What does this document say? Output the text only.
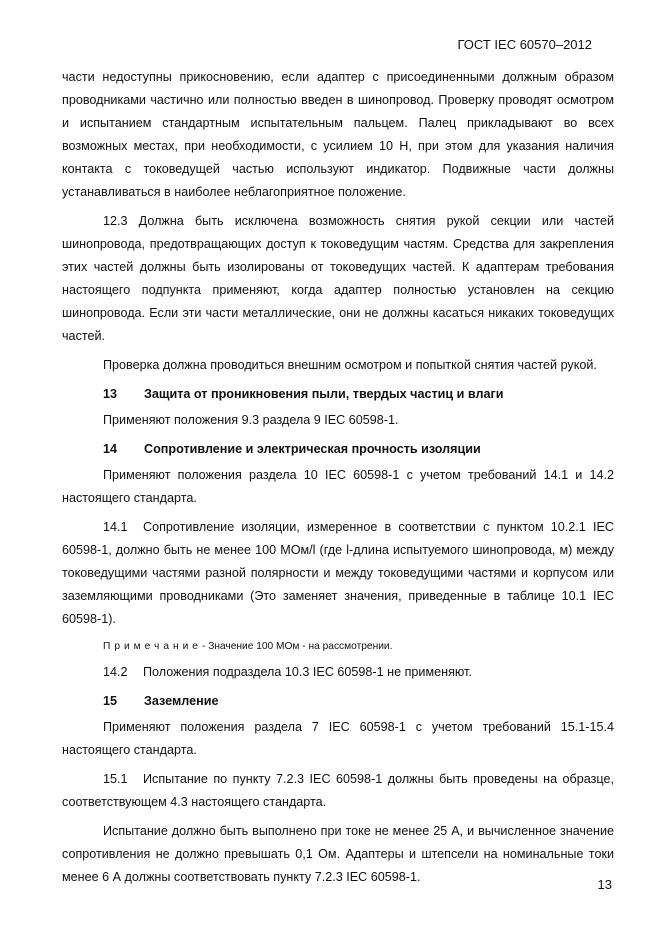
ГОСТ IEC 60570–2012

части недоступны прикосновению, если адаптер с присоединенными должным образом проводниками частично или полностью введен в шинопровод. Проверку проводят осмотром и испытанием стандартным испытательным пальцем. Палец прикладывают во всех возможных местах, при необходимости, с усилием 10 Н, при этом для указания наличия контакта с токоведущей частью используют индикатор. Подвижные части должны устанавливаться в наиболее неблагоприятное положение.

12.3 Должна быть исключена возможность снятия рукой секции или частей шинопровода, предотвращающих доступ к токоведущим частям. Средства для закрепления этих частей должны быть изолированы от токоведущих частей. К адаптерам требования настоящего подпункта применяют, когда адаптер полностью установлен на секцию шинопровода. Если эти части металлические, они не должны касаться никаких токоведущих частей.

Проверка должна проводиться внешним осмотром и попыткой снятия частей рукой.

13 Защита от проникновения пыли, твердых частиц и влаги

Применяют положения 9.3 раздела 9 IEC 60598-1.

14 Сопротивление и электрическая прочность изоляции

Применяют положения раздела 10 IEC 60598-1 с учетом требований 14.1 и 14.2 настоящего стандарта.

14.1 Сопротивление изоляции, измеренное в соответствии с пунктом 10.2.1 IEC 60598-1, должно быть не менее 100 МОм/l (где l-длина испытуемого шинопровода, м) между токоведущими частями разной полярности и между токоведущими частями и корпусом или заземляющими проводниками (Это заменяет значения, приведенные в таблице 10.1 IEC 60598-1).

Примечание- Значение 100 МОм - на рассмотрении.

14.2 Положения подраздела 10.3 IEC 60598-1 не применяют.

15 Заземление

Применяют положения раздела 7 IEC 60598-1 с учетом требований 15.1-15.4 настоящего стандарта.

15.1 Испытание по пункту 7.2.3 IEC 60598-1 должны быть проведены на образце, соответствующем 4.3 настоящего стандарта.

Испытание должно быть выполнено при токе не менее 25 А, и вычисленное значение сопротивления не должно превышать 0,1 Ом. Адаптеры и штепсели на номинальные токи менее 6 А должны соответствовать пункту 7.2.3 IEC 60598-1.	13
